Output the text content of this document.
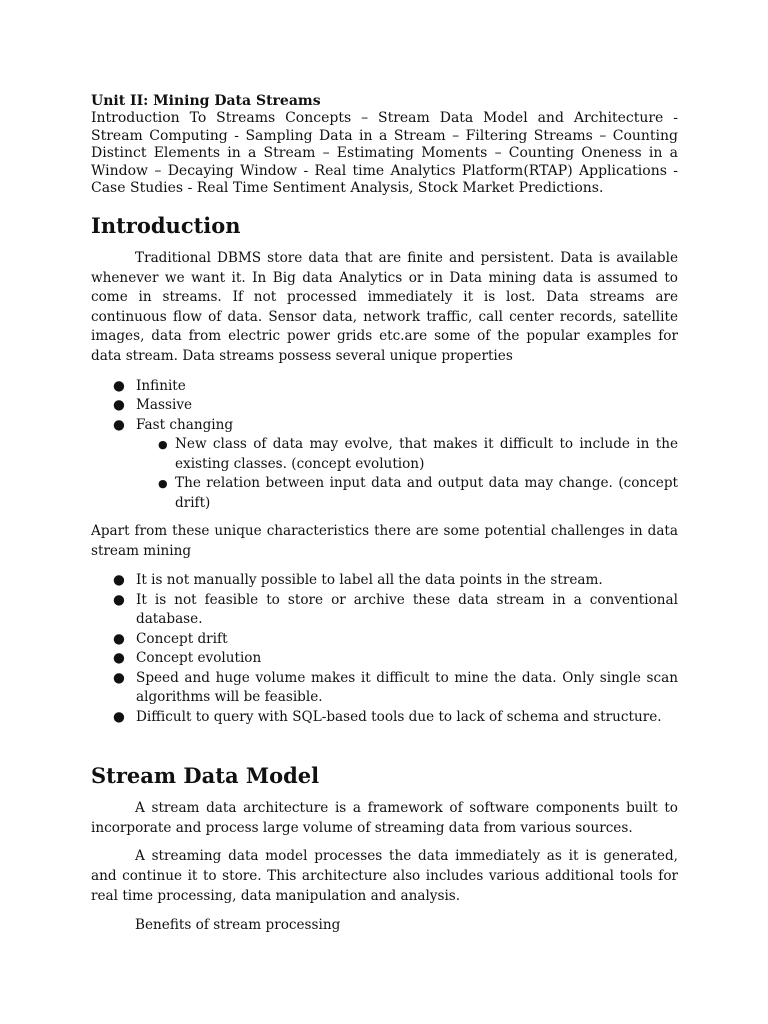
Unit II: Mining Data Streams

Introduction To Streams Concepts – Stream Data Model and Architecture - Stream Computing - Sampling Data in a Stream – Filtering Streams – Counting Distinct Elements in a Stream – Estimating Moments – Counting Oneness in a Window – Decaying Window - Real time Analytics Platform(RTAP) Applications - Case Studies - Real Time Sentiment Analysis, Stock Market Predictions.

Introduction

Traditional DBMS store data that are finite and persistent. Data is available whenever we want it. In Big data Analytics or in Data mining data is assumed to come in streams. If not processed immediately it is lost. Data streams are continuous flow of data. Sensor data, network traffic, call center records, satellite images, data from electric power grids etc.are some of the popular examples for data stream. Data streams possess several unique properties

● Infinite
● Massive
● Fast changing
● New class of data may evolve, that makes it difficult to include in the existing classes. (concept evolution)
● The relation between input data and output data may change. (concept drift)

Apart from these unique characteristics there are some potential challenges in data stream mining

● It is not manually possible to label all the data points in the stream.
● It is not feasible to store or archive these data stream in a conventional database.
● Concept drift
● Concept evolution
● Speed and huge volume makes it difficult to mine the data. Only single scan algorithms will be feasible.
● Difficult to query with SQL-based tools due to lack of schema and structure.
Stream Data Model

A stream data architecture is a framework of software components built to incorporate and process large volume of streaming data from various sources.

A streaming data model processes the data immediately as it is generated, and continue it to store. This architecture also includes various additional tools for real time processing, data manipulation and analysis.

Benefits of stream processing
